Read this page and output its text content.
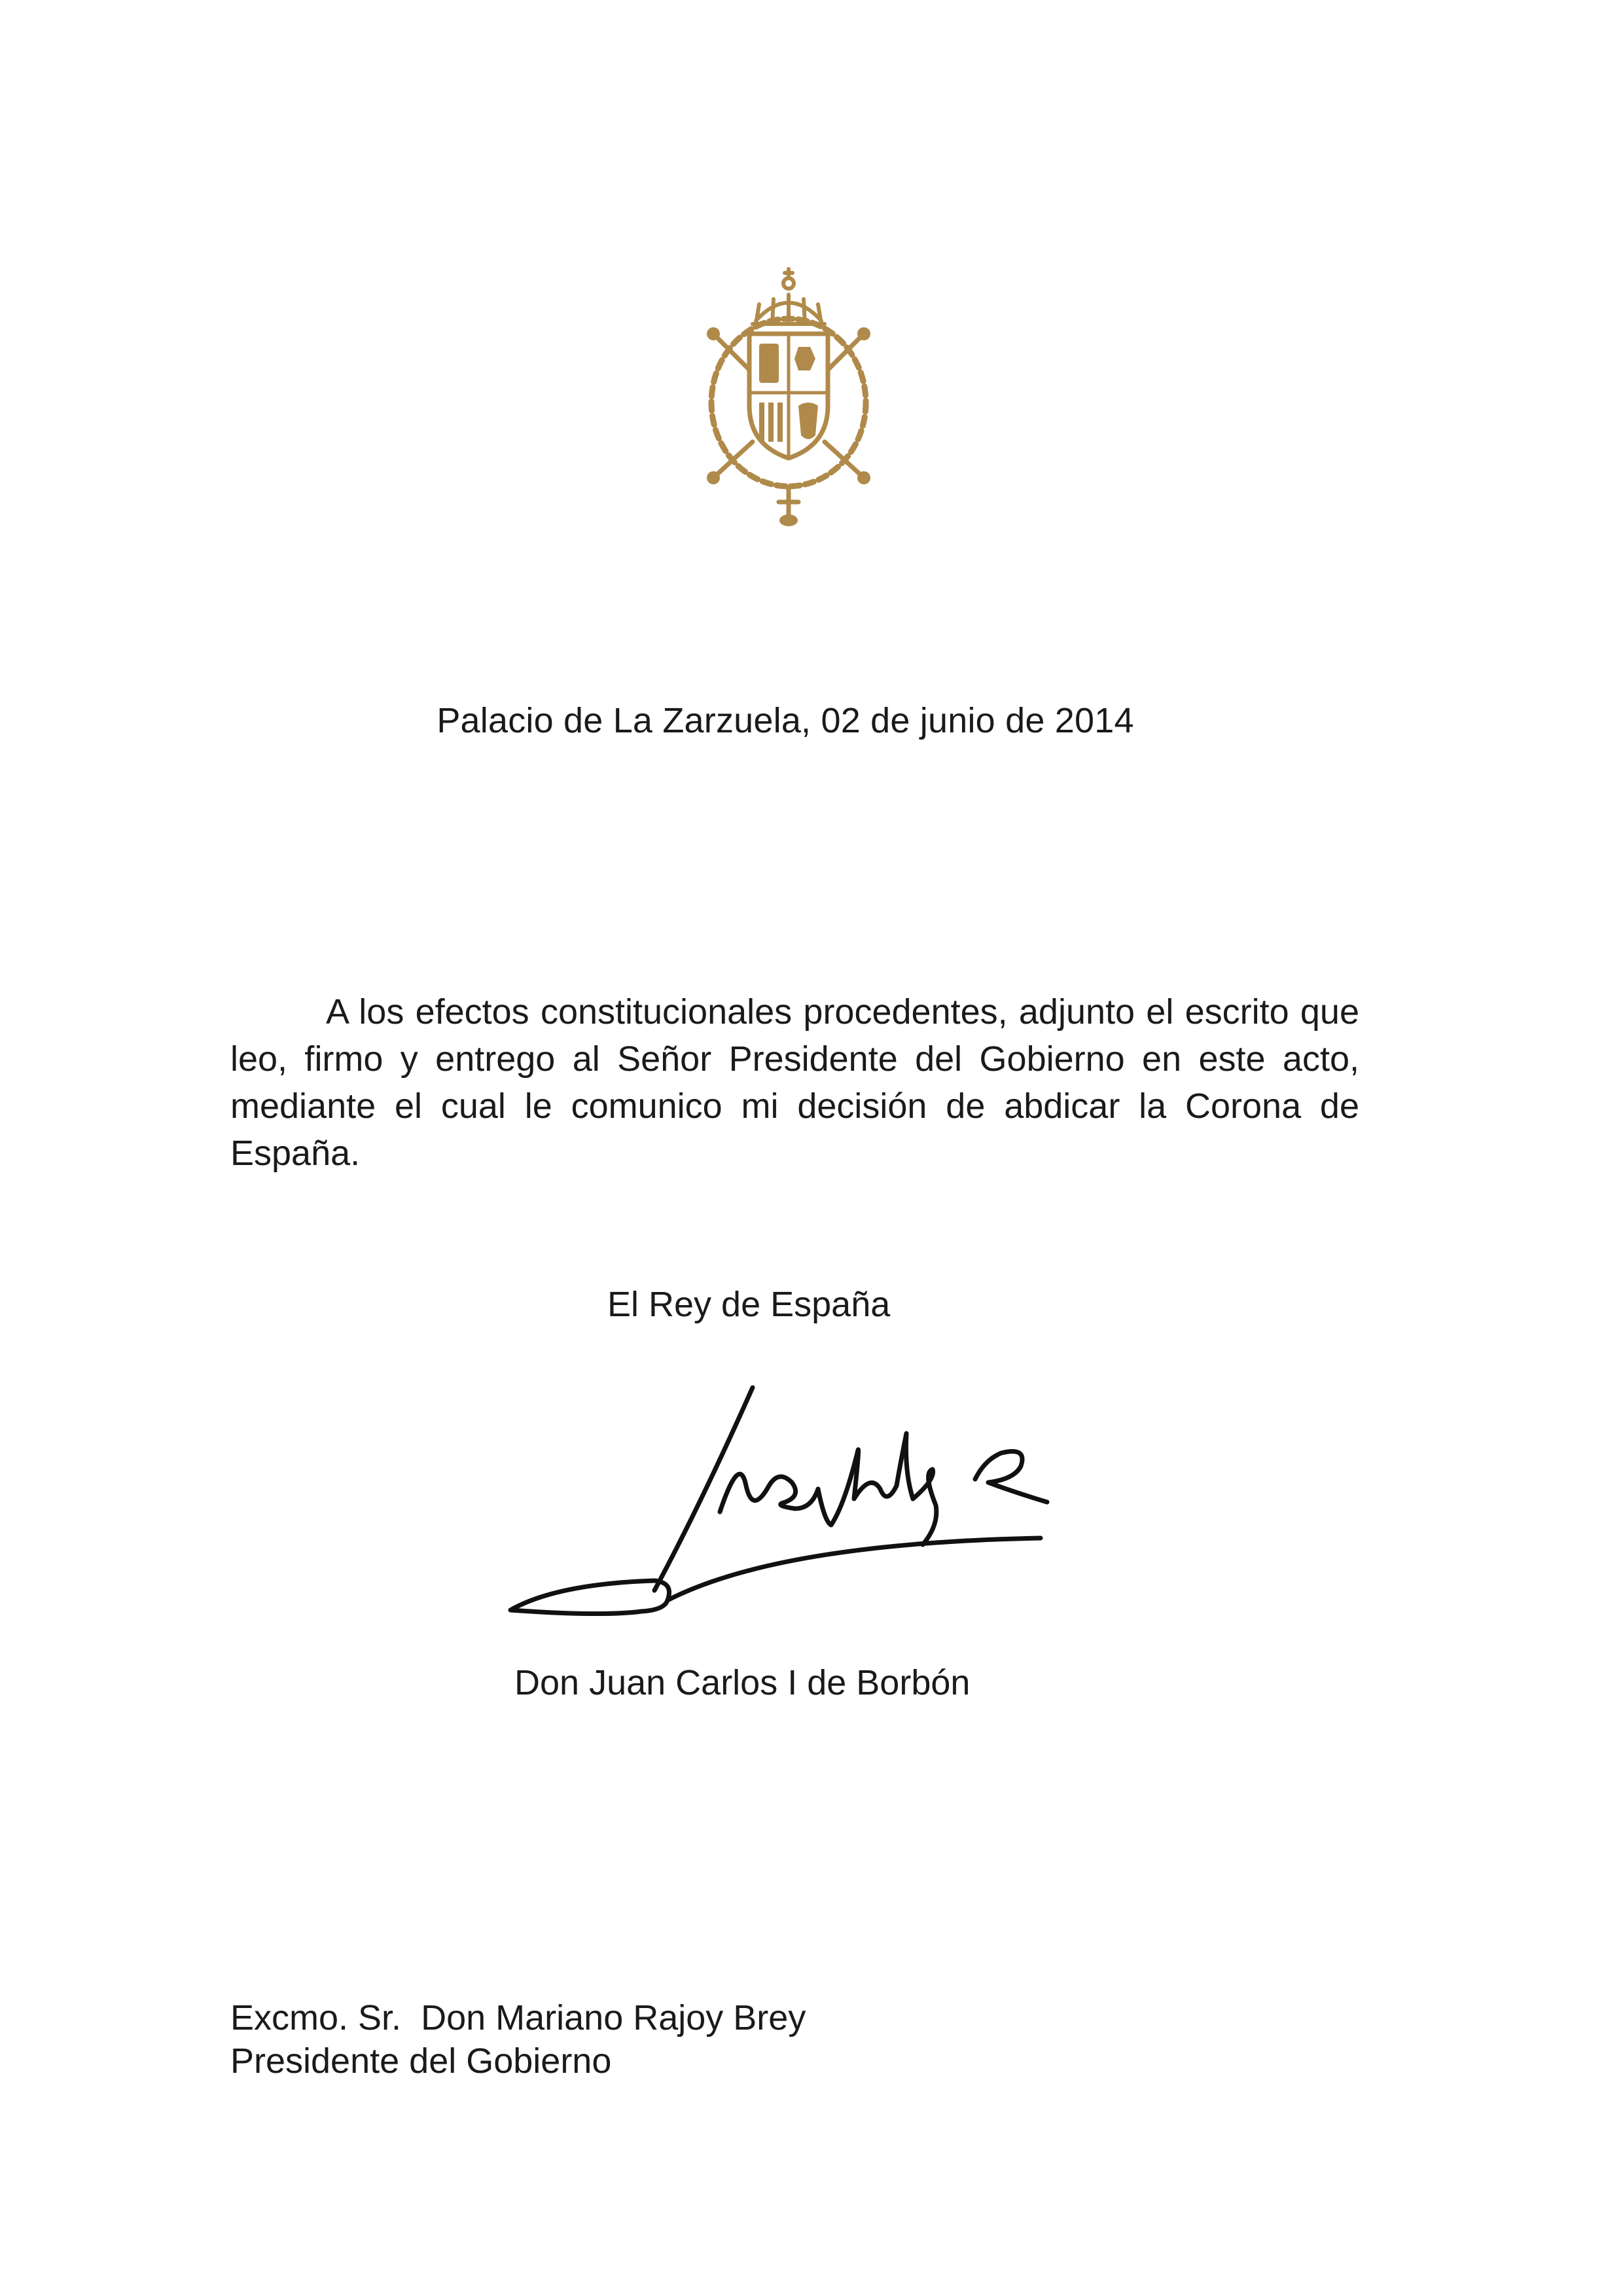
Palacio de La Zarzuela, 02 de junio de 2014

A los efectos constitucionales procedentes, adjunto el escrito que leo, firmo y entrego al Señor Presidente del Gobierno en este acto, mediante el cual le comunico mi decisión de abdicar la Corona de España.

El Rey de España
Don Juan Carlos I de Borbón
Excmo. Sr.  Don Mariano Rajoy Brey
Presidente del Gobierno
